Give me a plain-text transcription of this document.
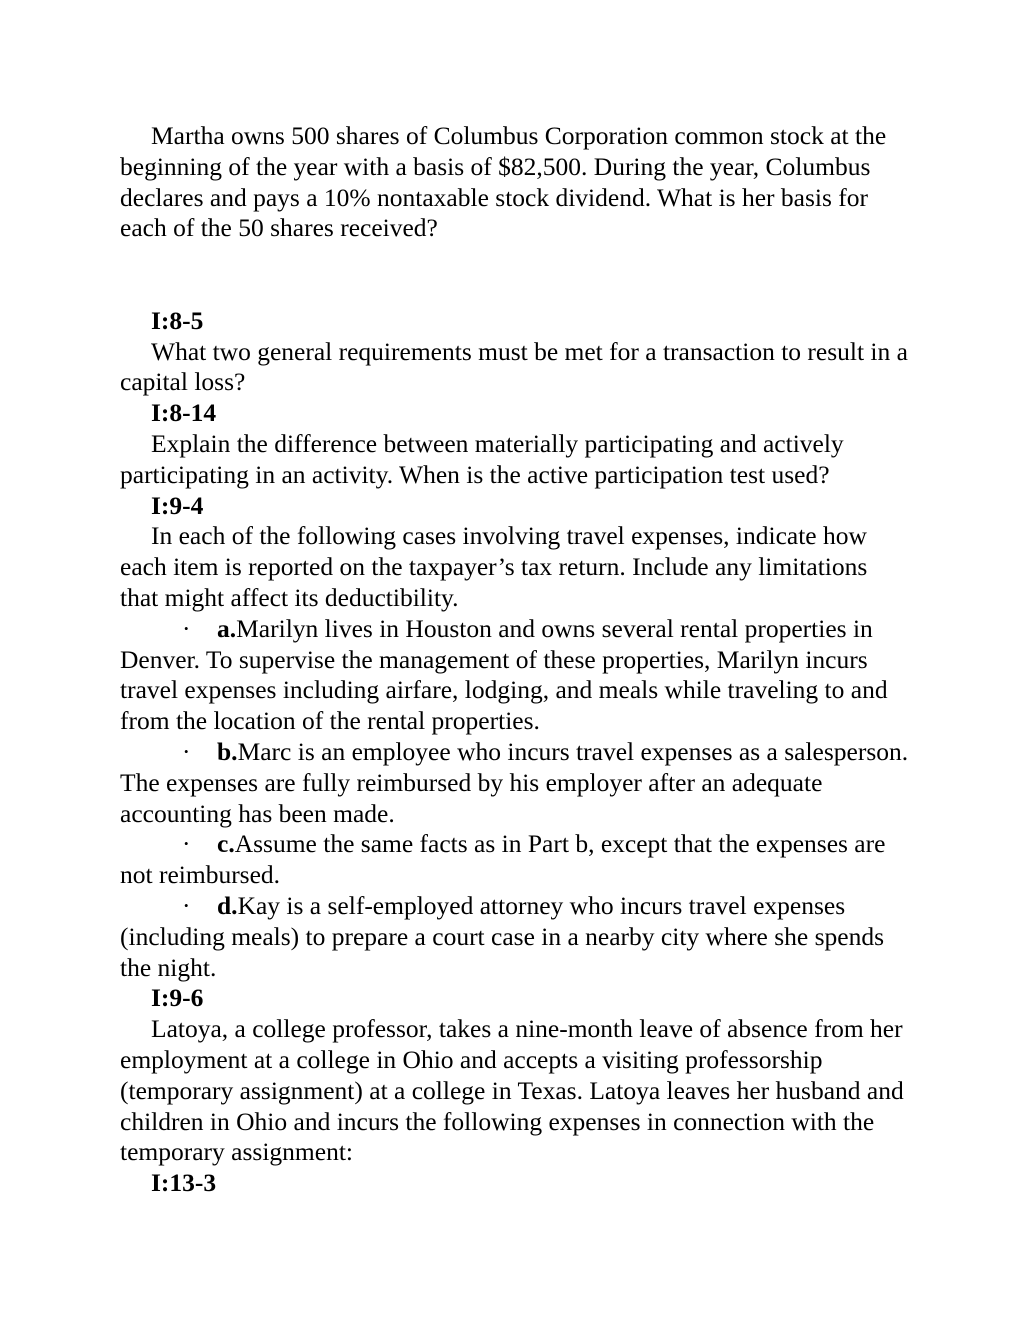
Martha owns 500 shares of Columbus Corporation common stock at the beginning of the year with a basis of $82,500. During the year, Columbus declares and pays a 10% nontaxable stock dividend. What is her basis for each of the 50 shares received?

I:8-5

What two general requirements must be met for a transaction to result in a capital loss?

I:8-14

Explain the difference between materially participating and actively participating in an activity. When is the active participation test used?

I:9-4

In each of the following cases involving travel expenses, indicate how each item is reported on the taxpayer’s tax return. Include any limitations that might affect its deductibility.

· a.Marilyn lives in Houston and owns several rental properties in Denver. To supervise the management of these properties, Marilyn incurs travel expenses including airfare, lodging, and meals while traveling to and from the location of the rental properties.

· b.Marc is an employee who incurs travel expenses as a salesperson. The expenses are fully reimbursed by his employer after an adequate accounting has been made.

· c.Assume the same facts as in Part b, except that the expenses are not reimbursed.

· d.Kay is a self-employed attorney who incurs travel expenses (including meals) to prepare a court case in a nearby city where she spends the night.

I:9-6

Latoya, a college professor, takes a nine-month leave of absence from her employment at a college in Ohio and accepts a visiting professorship (temporary assignment) at a college in Texas. Latoya leaves her husband and children in Ohio and incurs the following expenses in connection with the temporary assignment:

I:13-3
